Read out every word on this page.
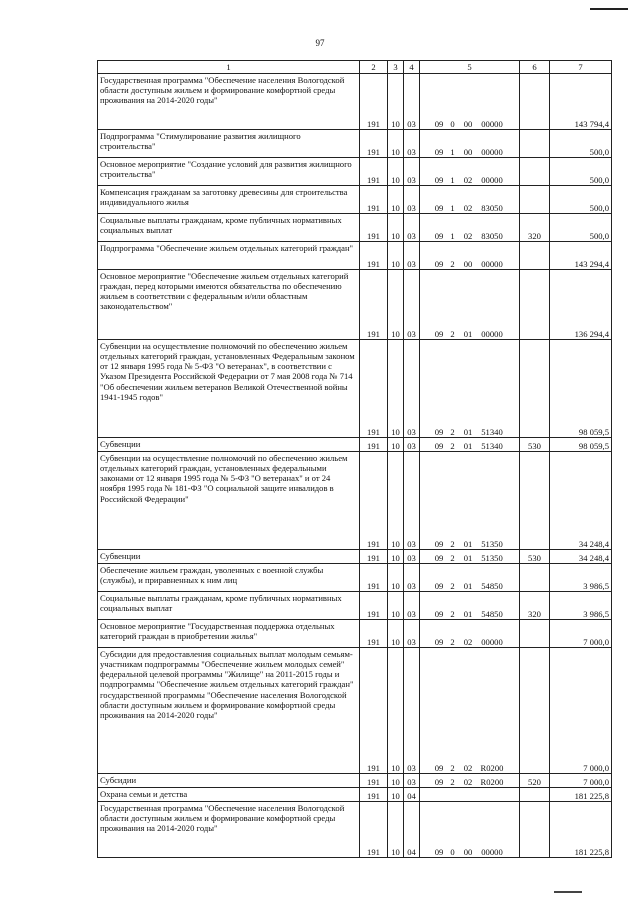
97
1	2	3	4	5	6	7
Государственная программа "Обеспечение населения Вологодской области доступным жильем и формирование комфортной среды проживания на 2014-2020 годы"	191	10	03	09 0 00 00000		143 794,4
Подпрограмма "Стимулирование развития жилищного строительства"	191	10	03	09 1 00 00000		500,0
Основное мероприятие "Создание условий для развития жилищного строительства"	191	10	03	09 1 02 00000		500,0
Компенсация гражданам за заготовку древесины для строительства индивидуального жилья	191	10	03	09 1 02 83050		500,0
Социальные выплаты гражданам, кроме публичных нормативных социальных выплат	191	10	03	09 1 02 83050	320	500,0
Подпрограмма "Обеспечение жильем отдельных категорий граждан"	191	10	03	09 2 00 00000		143 294,4
Основное мероприятие "Обеспечение жильем отдельных категорий граждан, перед которыми имеются обязательства по обеспечению жильем в соответствии с федеральным и/или областным законодательством"	191	10	03	09 2 01 00000		136 294,4
Субвенции на осуществление полномочий по обеспечению жильем отдельных категорий граждан, установленных Федеральным законом от 12 января 1995 года № 5-ФЗ "О ветеранах", в соответствии с Указом Президента Российской Федерации от 7 мая 2008 года № 714 "Об обеспечении жильем ветеранов Великой Отечественной войны 1941-1945 годов"	191	10	03	09 2 01 51340		98 059,5
Субвенции	191	10	03	09 2 01 51340	530	98 059,5
Субвенции на осуществление полномочий по обеспечению жильем отдельных категорий граждан, установленных федеральными законами от 12 января 1995 года № 5-ФЗ "О ветеранах" и от 24 ноября 1995 года № 181-ФЗ "О социальной защите инвалидов в Российской Федерации"	191	10	03	09 2 01 51350		34 248,4
Субвенции	191	10	03	09 2 01 51350	530	34 248,4
Обеспечение жильем граждан, уволенных с военной службы (службы), и приравненных к ним лиц	191	10	03	09 2 01 54850		3 986,5
Социальные выплаты гражданам, кроме публичных нормативных социальных выплат	191	10	03	09 2 01 54850	320	3 986,5
Основное мероприятие "Государственная поддержка отдельных категорий граждан в приобретении жилья"	191	10	03	09 2 02 00000		7 000,0
Субсидии для предоставления социальных выплат молодым семьям-участникам подпрограммы "Обеспечение жильем молодых семей" федеральной целевой программы "Жилище" на 2011-2015 годы и подпрограммы "Обеспечение жильем отдельных категорий граждан" государственной программы "Обеспечение населения Вологодской области доступным жильем и формирование комфортной среды проживания на 2014-2020 годы"	191	10	03	09 2 02 R0200		7 000,0
Субсидии	191	10	03	09 2 02 R0200	520	7 000,0
Охрана семьи и детства	191	10	04			181 225,8
Государственная программа "Обеспечение населения Вологодской области доступным жильем и формирование комфортной среды проживания на 2014-2020 годы"	191	10	04	09 0 00 00000		181 225,8
